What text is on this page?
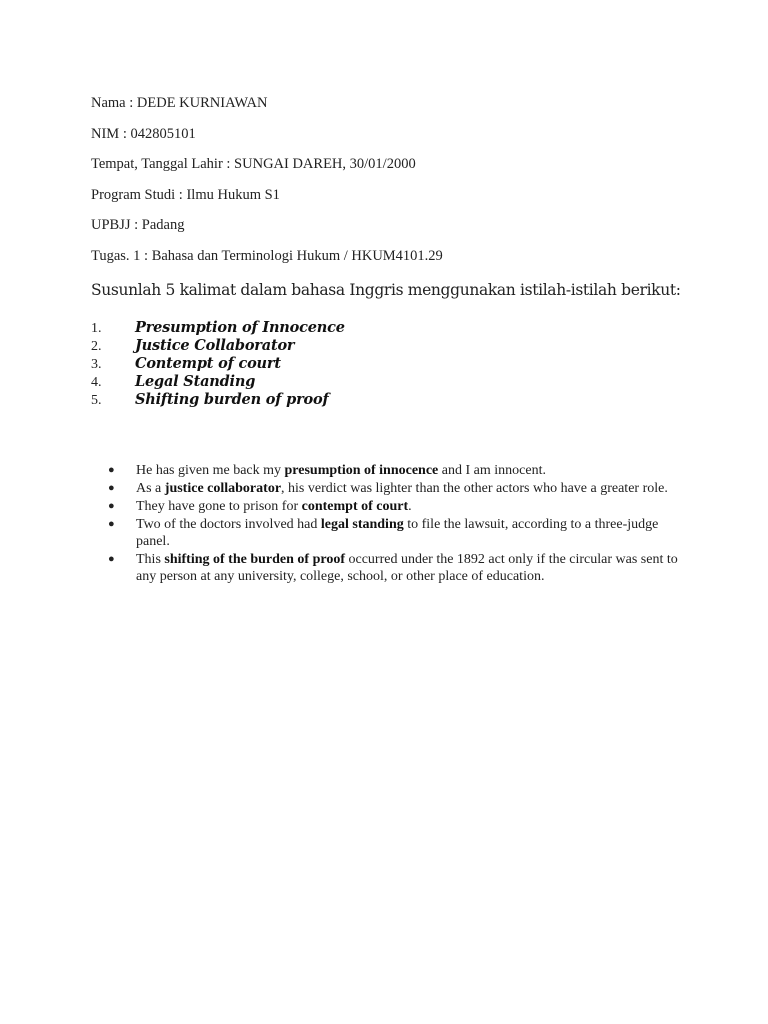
Nama : DEDE KURNIAWAN
NIM : 042805101
Tempat, Tanggal Lahir : SUNGAI DAREH, 30/01/2000
Program Studi : Ilmu Hukum S1
UPBJJ : Padang
Tugas. 1 : Bahasa dan Terminologi Hukum / HKUM4101.29
Susunlah 5 kalimat dalam bahasa Inggris menggunakan istilah-istilah berikut:
1. Presumption of Innocence
2. Justice Collaborator
3. Contempt of court
4. Legal Standing
5. Shifting burden of proof
● He has given me back my presumption of innocence and I am innocent.
● As a justice collaborator, his verdict was lighter than the other actors who have a greater role.
● They have gone to prison for contempt of court.
● Two of the doctors involved had legal standing to file the lawsuit, according to a three-judge panel.
● This shifting of the burden of proof occurred under the 1892 act only if the circular was sent to any person at any university, college, school, or other place of education.
